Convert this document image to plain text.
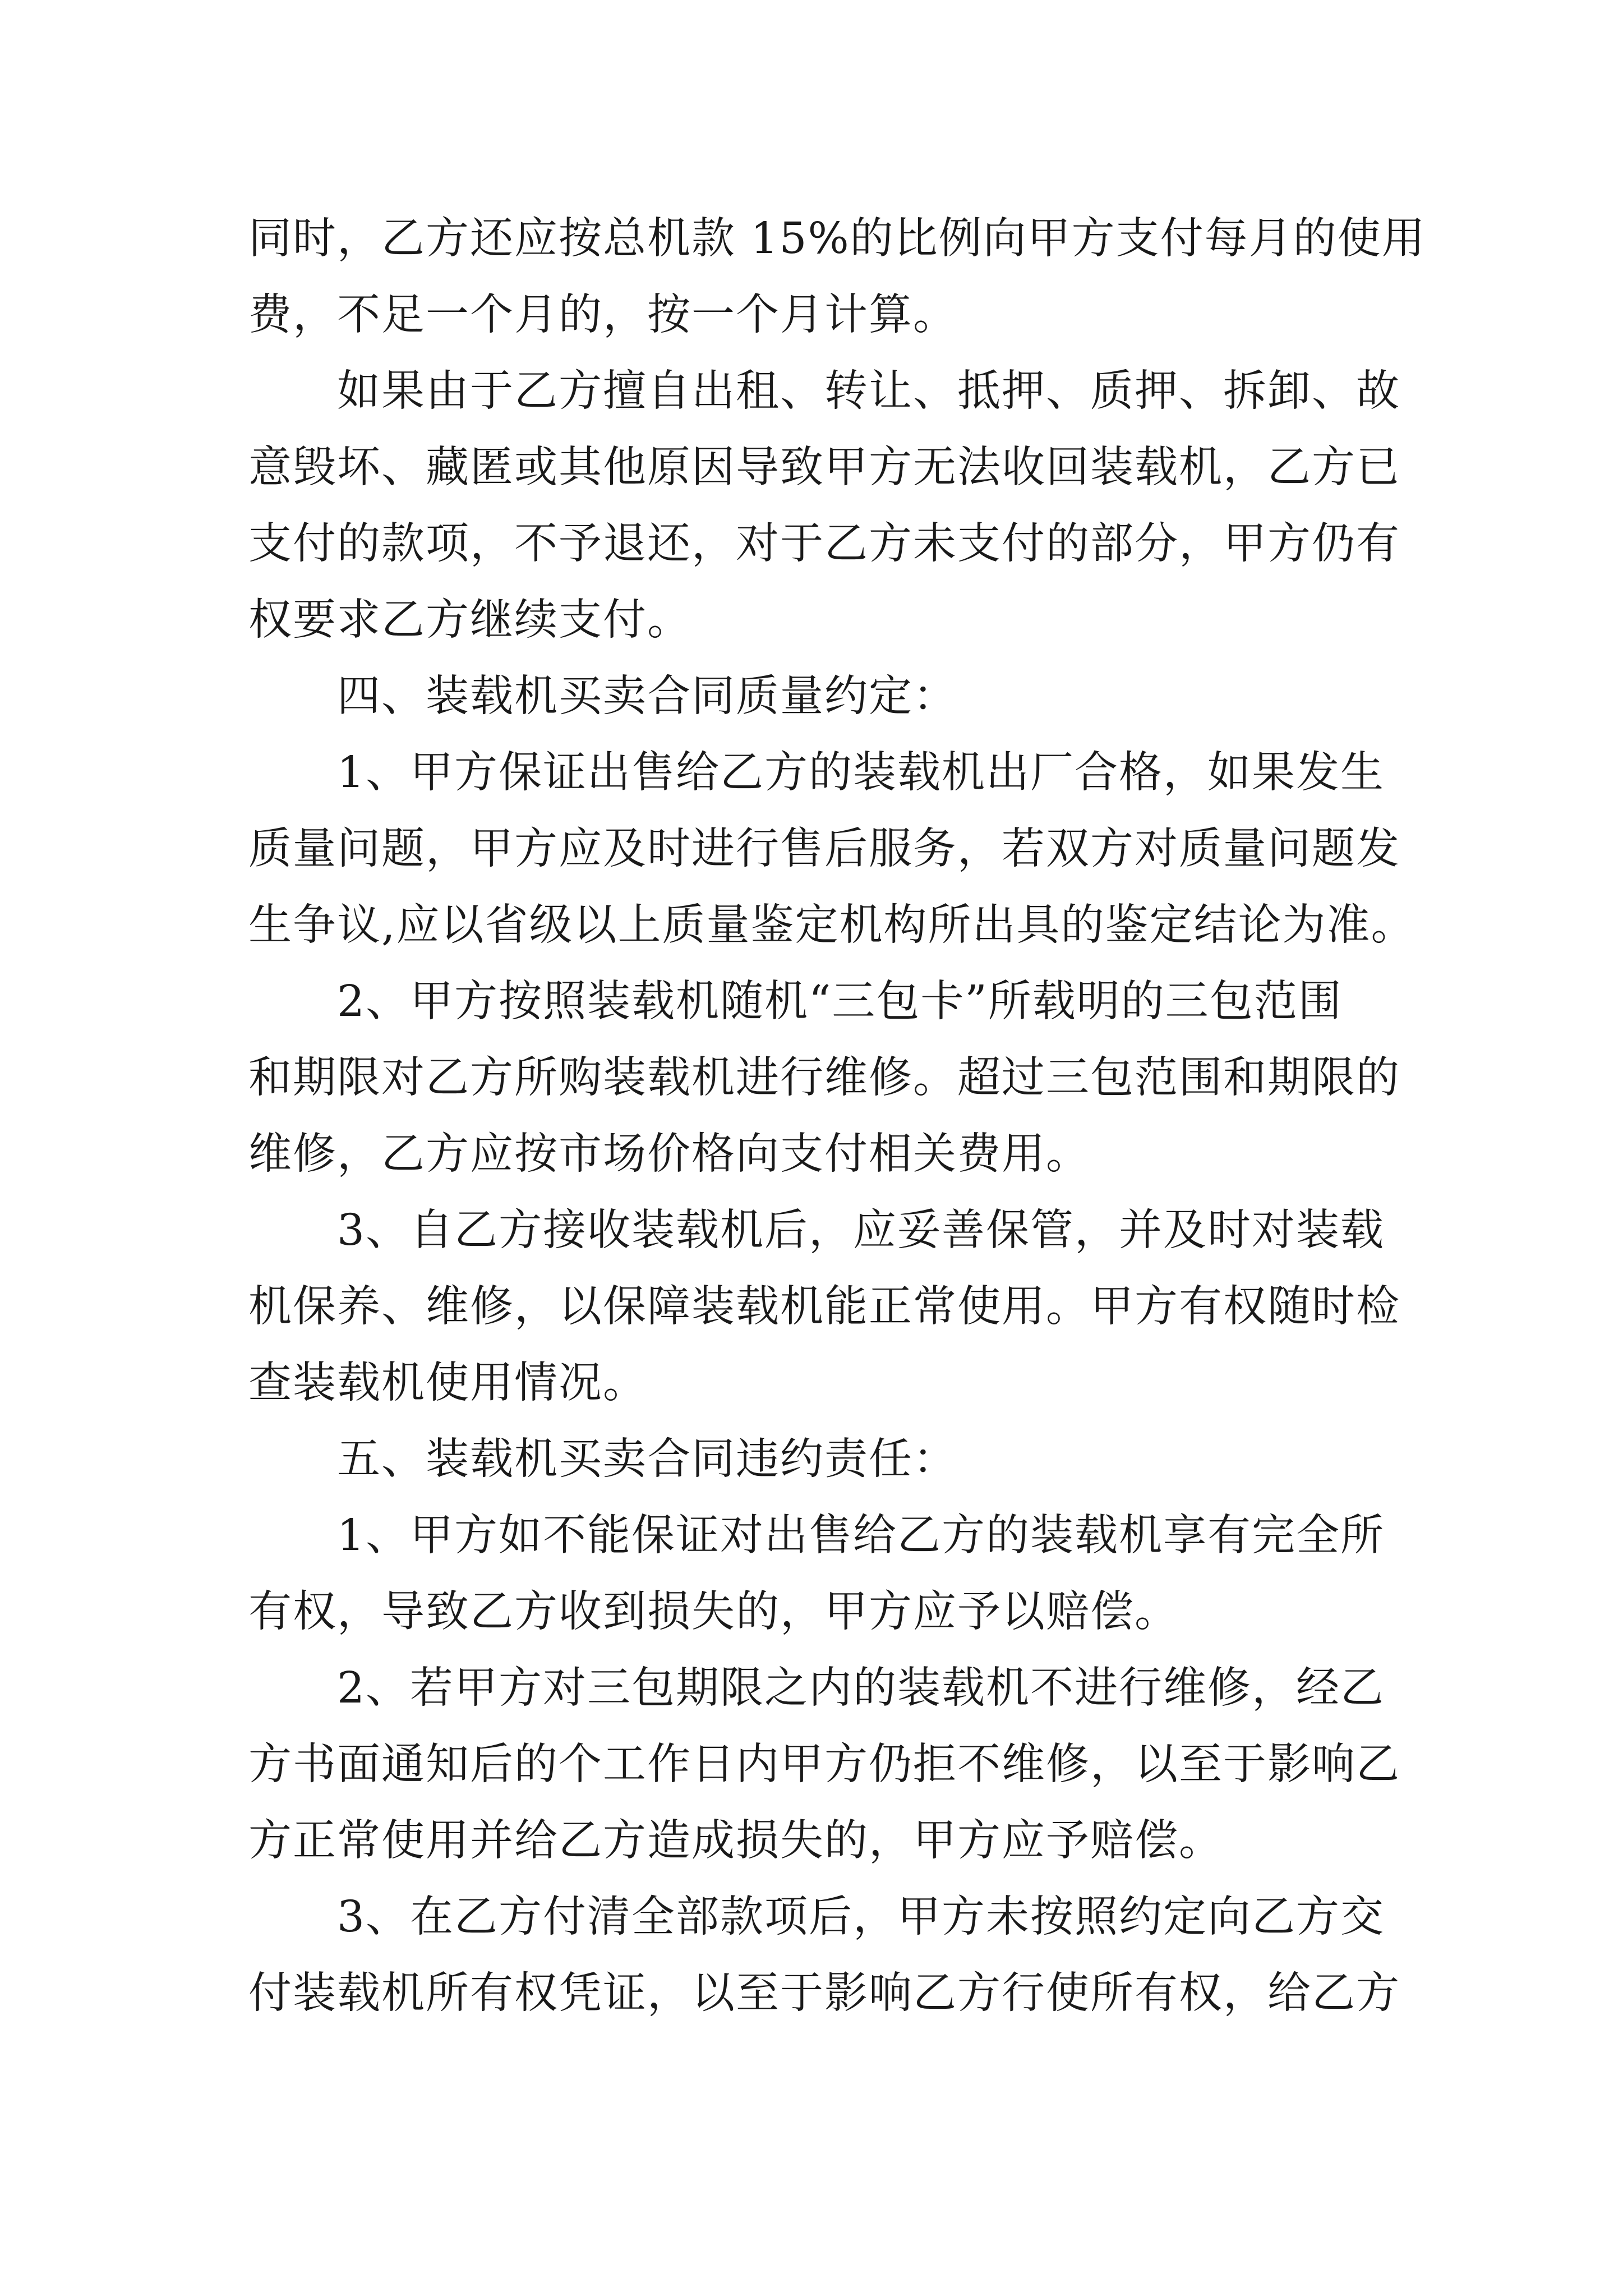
同时，乙方还应按总机款 15%的比例向甲方支付每月的使用
费，不足一个月的，按一个月计算。
　　如果由于乙方擅自出租、转让、抵押、质押、拆卸、故
意毁坏、藏匿或其他原因导致甲方无法收回装载机，乙方已
支付的款项，不予退还，对于乙方未支付的部分，甲方仍有
权要求乙方继续支付。
　　四、装载机买卖合同质量约定：
　　1、甲方保证出售给乙方的装载机出厂合格，如果发生
质量问题，甲方应及时进行售后服务，若双方对质量问题发
生争议,应以省级以上质量鉴定机构所出具的鉴定结论为准。
　　2、甲方按照装载机随机“三包卡”所载明的三包范围
和期限对乙方所购装载机进行维修。超过三包范围和期限的
维修，乙方应按市场价格向支付相关费用。
　　3、自乙方接收装载机后，应妥善保管，并及时对装载
机保养、维修，以保障装载机能正常使用。甲方有权随时检
查装载机使用情况。
　　五、装载机买卖合同违约责任：
　　1、甲方如不能保证对出售给乙方的装载机享有完全所
有权，导致乙方收到损失的，甲方应予以赔偿。
　　2、若甲方对三包期限之内的装载机不进行维修，经乙
方书面通知后的个工作日内甲方仍拒不维修，以至于影响乙
方正常使用并给乙方造成损失的，甲方应予赔偿。
　　3、在乙方付清全部款项后，甲方未按照约定向乙方交
付装载机所有权凭证，以至于影响乙方行使所有权，给乙方
